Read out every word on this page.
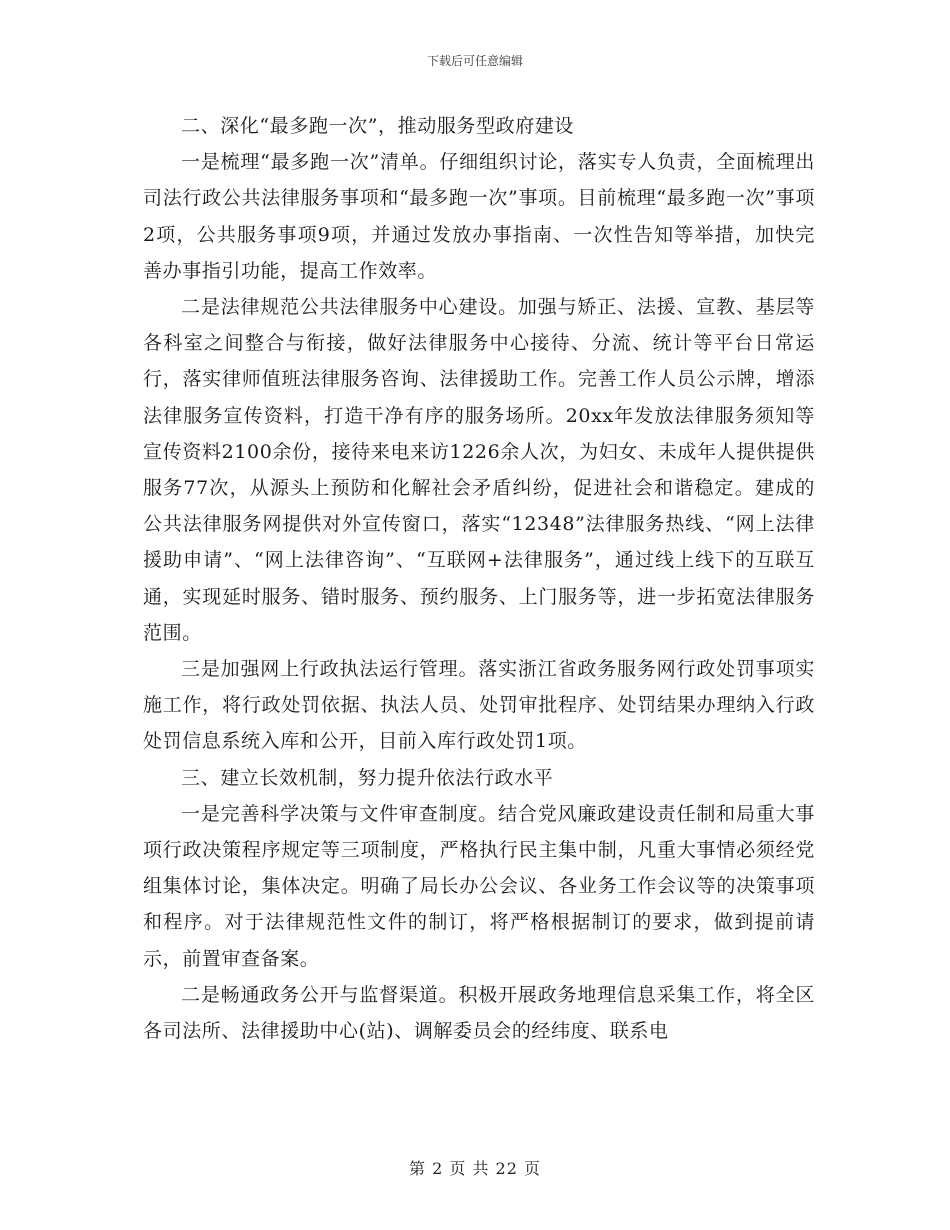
下载后可任意编辑

二、深化“最多跑一次”，推动服务型政府建设

一是梳理“最多跑一次”清单。仔细组织讨论，落实专人负责，全面梳理出司法行政公共法律服务事项和“最多跑一次”事项。目前梳理“最多跑一次”事项2项，公共服务事项9项，并通过发放办事指南、一次性告知等举措，加快完善办事指引功能，提高工作效率。

二是法律规范公共法律服务中心建设。加强与矫正、法援、宣教、基层等各科室之间整合与衔接，做好法律服务中心接待、分流、统计等平台日常运行，落实律师值班法律服务咨询、法律援助工作。完善工作人员公示牌，增添法律服务宣传资料，打造干净有序的服务场所。20xx年发放法律服务须知等宣传资料2100余份，接待来电来访1226余人次，为妇女、未成年人提供提供服务77次，从源头上预防和化解社会矛盾纠纷，促进社会和谐稳定。建成的公共法律服务网提供对外宣传窗口，落实“12348”法律服务热线、“网上法律援助申请”、“网上法律咨询”、“互联网+法律服务”，通过线上线下的互联互通，实现延时服务、错时服务、预约服务、上门服务等，进一步拓宽法律服务范围。

三是加强网上行政执法运行管理。落实浙江省政务服务网行政处罚事项实施工作，将行政处罚依据、执法人员、处罚审批程序、处罚结果办理纳入行政处罚信息系统入库和公开，目前入库行政处罚1项。

三、建立长效机制，努力提升依法行政水平

一是完善科学决策与文件审查制度。结合党风廉政建设责任制和局重大事项行政决策程序规定等三项制度，严格执行民主集中制，凡重大事情必须经党组集体讨论，集体决定。明确了局长办公会议、各业务工作会议等的决策事项和程序。对于法律规范性文件的制订，将严格根据制订的要求，做到提前请示，前置审查备案。

二是畅通政务公开与监督渠道。积极开展政务地理信息采集工作，将全区各司法所、法律援助中心(站)、调解委员会的经纬度、联系电

第 2 页 共 22 页
